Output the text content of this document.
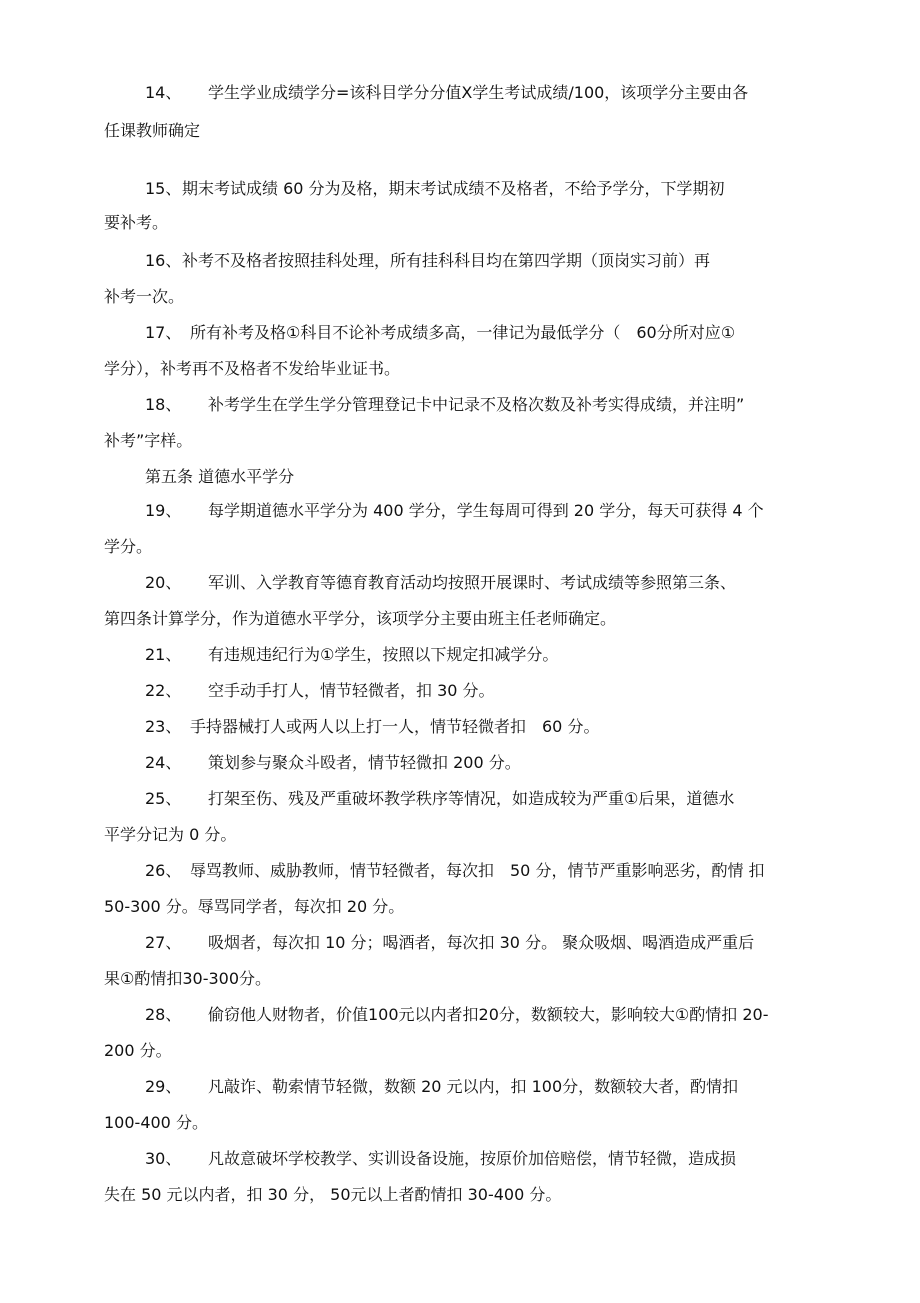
14、 学生学业成绩学分=该科目学分分值X学生考试成绩/100，该项学分主要由各
任课教师确定
15、 期末考试成绩 60 分为及格，期末考试成绩不及格者，不给予学分，下学期初
要补考。
16、 补考不及格者按照挂科处理，所有挂科科目均在第四学期（顶岗实习前）再
补考一次。
17、 所有补考及格①科目不论补考成绩多高，一律记为最低学分（　60分所对应①
学分），补考再不及格者不发给毕业证书。
18、 补考学生在学生学分管理登记卡中记录不及格次数及补考实得成绩，并注明”
补考”字样。
第五条 道德水平学分
19、 每学期道德水平学分为 400 学分，学生每周可得到 20 学分，每天可获得 4 个
学分。
20、 军训、入学教育等德育教育活动均按照开展课时、考试成绩等参照第三条、
第四条计算学分，作为道德水平学分，该项学分主要由班主任老师确定。
21、 有违规违纪行为①学生，按照以下规定扣减学分。
22、 空手动手打人，情节轻微者，扣 30 分。
23、 手持器械打人或两人以上打一人，情节轻微者扣　60 分。
24、 策划参与聚众斗殴者，情节轻微扣 200 分。
25、 打架至伤、残及严重破坏教学秩序等情况，如造成较为严重①后果，道德水
平学分记为 0 分。
26、 辱骂教师、威胁教师，情节轻微者，每次扣　50 分，情节严重影响恶劣，酌情 扣
50-300 分。辱骂同学者，每次扣 20 分。
27、 吸烟者，每次扣 10 分；喝酒者，每次扣 30 分。 聚众吸烟、喝酒造成严重后
果①酌情扣30-300分。
28、 偷窃他人财物者，价值100元以内者扣20分，数额较大，影响较大①酌情扣 20-
200 分。
29、 凡敲诈、勒索情节轻微，数额 20 元以内，扣 100分，数额较大者，酌情扣
100-400 分。
30、 凡故意破坏学校教学、实训设备设施，按原价加倍赔偿，情节轻微，造成损
失在 50 元以内者，扣 30 分， 50元以上者酌情扣 30-400 分。
